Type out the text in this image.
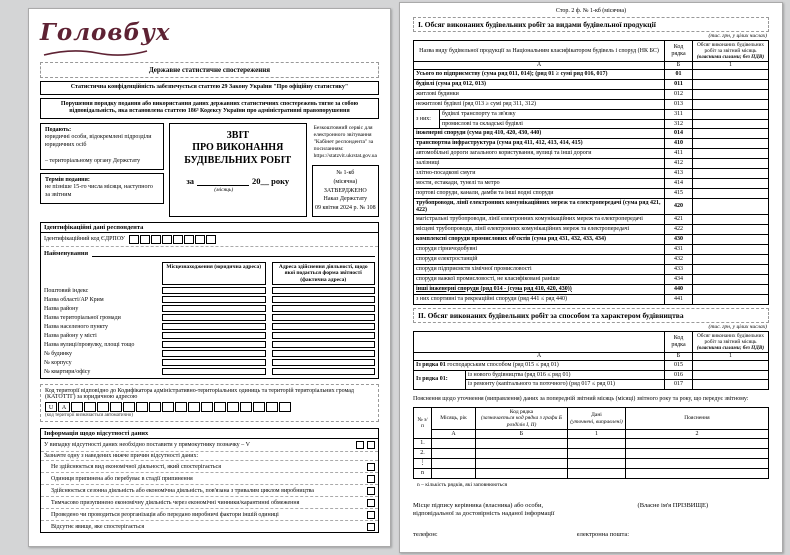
Головбух
Державне статистичне спостереження
Статистична конфіденційність забезпечується статтею 29 Закону України "Про офіційну статистику"
Порушення порядку подання або використання даних державних статистичних спостережень тягне за собою відповідальність, яка встановлена статтею 186³ Кодексу України про адміністративні правопорушення
Подають:
юридичні особи, відокремлені підрозділи юридичних осіб
– територіальному органу Держстату
Термін подання:
не пізніше 15-го числа місяця, наступного за звітним
ЗВІТ
ПРО ВИКОНАННЯ
БУДІВЕЛЬНИХ РОБІТ
за	20__ року
(місяць)
Безкоштовний сервіс для електронного звітування "Кабінет респондента" за посиланням: https://statzvit.ukrstat.gov.ua
№ 1-кб
(місячна)
ЗАТВЕРДЖЕНО
Наказ Держстату
09 квітня 2024 р. № 108
Ідентифікаційні дані респондента
Ідентифікаційний код ЄДРПОУ
Найменування
Місцезнаходження (юридична адреса)	Адреса здійснення діяльності, щодо якої подається форма звітності (фактична адреса)
Поштовий індекс
Назва області/АР Крим
Назва району
Назва територіальної громади
Назва населеного пункту
Назва району у місті
Назва вулиці/провулку, площі тощо
№ будинку
№ корпусу
№ квартири/офісу
Код території відповідно до Кодифікатора адміністративно-територіальних одиниць та територій територіальних громад (КАТОТТГ) за юридичною адресою
U	A
(код території визначається автоматично)
Інформація щодо відсутності даних
У випадку відсутності даних необхідно поставити у прямокутнику позначку – V
Зазначте одну з наведених нижче причин відсутності даних:
Не здійснюється вид економічної діяльності, який спостерігається
Одиниця припинена або перебуває в стадії припинення
Здійснюється сезонна діяльність або економічна діяльність, пов'язана з тривалим циклом виробництва
Тимчасово призупинено економічну діяльність через економічні чинники/карантинні обмеження
Проведено чи проводиться реорганізація або передано виробничі фактори іншій одиниці
Відсутнє явище, яке спостерігається
Стор. 2 ф. № 1-кб (місячна)
І. Обсяг виконаних будівельних робіт за видами будівельної продукції
(тис. грн, у цілих числах)
Назва виду будівельної продукції за Національним класифікатором будівель і споруд (НК БС)		Код рядка	Обсяг виконаних будівельних робіт за звітний місяць
(власними силами; без ПДВ)
А		Б	1
Усього по підприємству (сума ряд 011, 014); (ряд 01 ≥ сумі ряд 016, 017)		01	
будівлі (сума ряд 012, 013)		011	
житлові будинки		012	
нежитлові будівлі (ряд 013 ≥ сумі ряд 311, 312)		013	
з них:	будівлі транспорту та зв'язку	311	
	промислові та складські будівлі	312	
інженерні споруди (сума ряд 410, 420, 430, 440)		014	
транспортна інфраструктура (сума ряд 411, 412, 413, 414, 415)		410	
автомобільні дороги загального користування, вулиці та інші дороги		411	
залізниці		412	
злітно-посадкові смуги		413	
мости, естакади, тунелі та метро		414	
портові споруди, канали, дамби та інші водні споруди		415	
трубопроводи, лінії електронних комунікаційних мереж та електропередачі (сума ряд 421, 422)		420	
магістральні трубопроводи, лінії електронних комунікаційних мереж та електропередачі		421	
місцеві трубопроводи, лінії електронних комунікаційних мереж та електропередачі		422	
комплексні споруди промислових об'єктів (сума ряд 431, 432, 433, 434)		430	
споруди гірничодобувні		431	
споруди електростанцій		432	
споруди підприємств хімічної промисловості		433	
споруди важкої промисловості, не класифіковані раніше		434	
інші інженерні споруди (ряд 014 - (сума ряд 410, 420, 430))		440	
з них спортивні та рекреаційні споруди (ряд 441 ≤ ряд 440)		441	
ІІ. Обсяг виконаних будівельних робіт за способом та характером будівництва
(тис. грн, у цілих числах)
		Код рядка	Обсяг виконаних будівельних робіт за звітний місяць
(власними силами; без ПДВ)
А		Б	1
Із рядка 01 господарським способом (ряд 015 ≤ ряд 01)		015	
Із рядка 01:	із нового будівництва (ряд 016 ≤ ряд 01)	016	
	із ремонту (капітального та поточного) (ряд 017 ≤ ряд 01)	017	
Пояснення щодо уточнення (виправлення) даних за попередній звітний місяць (місяці) звітного року та року, що передує звітному:
№ з/п	Місяць, рік	Код рядка
(зазначається код рядка з графи Б розділів І, ІІ)	Дані
(уточнені, виправлені)	Пояснення
	А	Б	1	2
1.				
2.				
⋮				
n				
n – кількість рядків, які заповнюються
Місце підпису керівника (власника) або особи, відповідальної за достовірність наданої інформації
(Власне ім'я ПРІЗВИЩЕ)
телефон:	електронна пошта:
